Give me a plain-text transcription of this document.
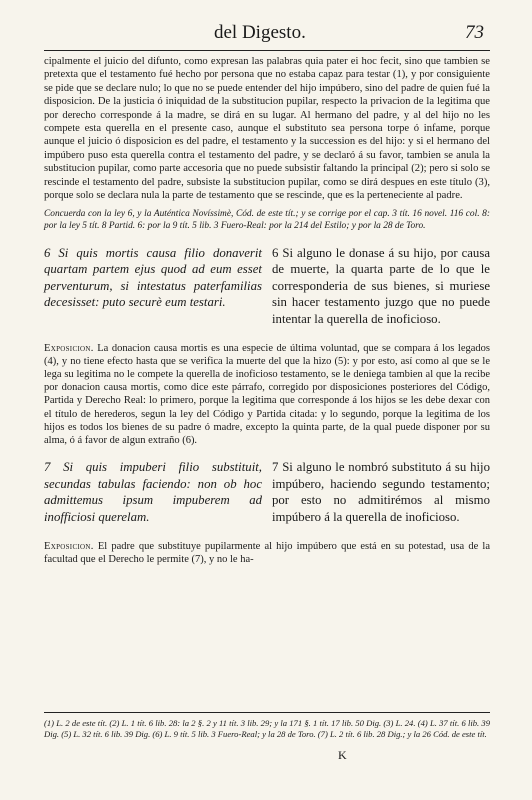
del Digesto.	73

cipalmente el juicio del difunto, como expresan las palabras quia pater ei hoc fecit, sino que tambien se pretexta que el testamento fué hecho por persona que no estaba capaz para testar (1), y por consiguiente se pide que se declare nulo; lo que no se puede entender del hijo impúbero, sino del padre de quien fué la disposicion. De la justicia ó iniquidad de la substitucion pupilar, respecto la privacion de la legitima que por derecho corresponde á la madre, se dirá en su lugar. Al hermano del padre, y al del hijo no les compete esta querella en el presente caso, aunque el substituto sea persona torpe ó infame, porque aunque el juicio ó disposicion es del padre, el testamento y la succession es del hijo: y si el hermano del impúbero puso esta querella contra el testamento del padre, y se declaró á su favor, tambien se anula la substitucion pupilar, como parte accesoria que no puede subsistir faltando la principal (2); pero si solo se rescinde el testamento del padre, subsiste la substitucion pupilar, como se dirá despues en este título (3), porque solo se declara nula la parte de testamento que se rescinde, que es la perteneciente al padre.

Concuerda con la ley 6, y la Auténtica Novíssimè, Cód. de este tít.; y se corrige por el cap. 3 tít. 16 novel. 116 col. 8: por la ley 5 tít. 8 Partid. 6: por la 9 tít. 5 lib. 3 Fuero-Real: por la 214 del Estilo; y por la 28 de Toro.

6 Si quis mortis causa filio donaverit quartam partem ejus quod ad eum esset perventurum, si intestatus paterfamilias decesisset: puto securè eum testari.
6 Si alguno le donase á su hijo, por causa de muerte, la quarta parte de lo que le corresponderia de sus bienes, si muriese sin hacer testamento juzgo que no puede intentar la querella de inoficioso.

Exposicion. La donacion causa mortis es una especie de última voluntad, que se compara á los legados (4), y no tiene efecto hasta que se verifica la muerte del que la hizo (5): y por esto, así como al que se le lega su legitima no le compete la querella de inoficioso testamento, se le deniega tambien al que la recibe por donacion causa mortis, como dice este párrafo, corregido por disposiciones posteriores del Código, Partida y Derecho Real: lo primero, porque la legitima que corresponde á los hijos se les debe dexar con el título de herederos, segun la ley del Código y Partida citada: y lo segundo, porque la legitima de los hijos es todos los bienes de su padre ó madre, excepto la quinta parte, de la qual puede disponer por su alma, ó á favor de algun extraño (6).

7 Si quis impuberi filio substituit, secundas tabulas faciendo: non ob hoc admittemus ipsum impuberem ad inofficiosi querelam.
7 Si alguno le nombró substituto á su hijo impúbero, haciendo segundo testamento; por esto no admitirémos al mismo impúbero á la querella de inoficioso.

Exposicion. El padre que substituye pupilarmente al hijo impúbero que está en su potestad, usa de la facultad que el Derecho le permite (7), y no le ha-

(1) L. 2 de este tít. (2) L. 1 tít. 6 lib. 28: la 2 §. 2 y 11 tít. 3 lib. 29; y la 171 §. 1 tít. 17 lib. 50 Dig. (3) L. 24. (4) L. 37 tít. 6 lib. 39 Dig. (5) L. 32 tít. 6 lib. 39 Dig. (6) L. 9 tít. 5 lib. 3 Fuero-Real; y la 28 de Toro. (7) L. 2 tít. 6 lib. 28 Dig.; y la 26 Cód. de este tít.
K
